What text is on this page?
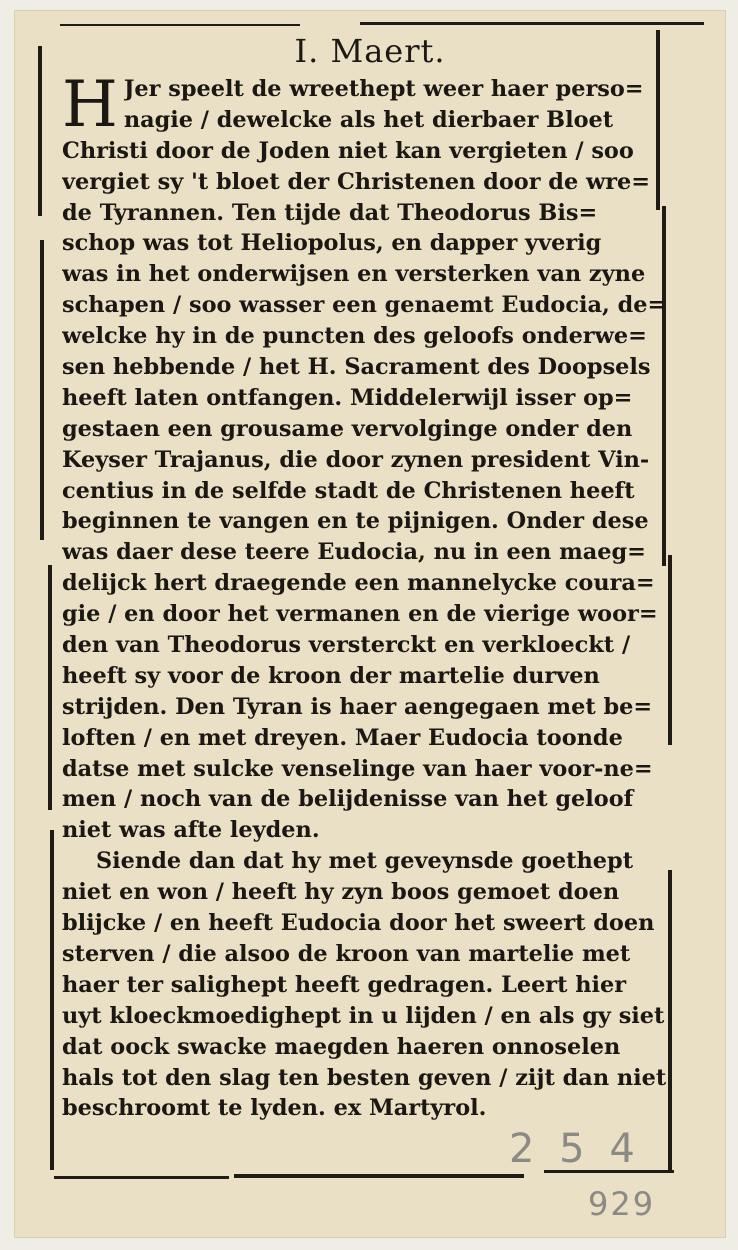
I. Maert.
H Jer speelt de wreethept weer haer perso=
nagie / dewelcke als het dierbaer Bloet
Christi door de Joden niet kan vergieten / soo
vergiet sy 't bloet der Christenen door de wre=
de Tyrannen. Ten tijde dat Theodorus Bis=
schop was tot Heliopolus, en dapper yverig
was in het onderwijsen en versterken van zyne
schapen / soo wasser een genaemt Eudocia, de=
welcke hy in de puncten des geloofs onderwe=
sen hebbende / het H. Sacrament des Doopsels
heeft laten ontfangen. Middelerwijl isser op=
gestaen een grousame vervolginge onder den
Keyser Trajanus, die door zynen president Vin-
centius in de selfde stadt de Christenen heeft
beginnen te vangen en te pijnigen. Onder dese
was daer dese teere Eudocia, nu in een maeg=
delijck hert draegende een mannelycke coura=
gie / en door het vermanen en de vierige woor=
den van Theodorus versterckt en verkloeckt /
heeft sy voor de kroon der martelie durven
strijden. Den Tyran is haer aengegaen met be=
loften / en met dreyen. Maer Eudocia toonde
datse met sulcke venselinge van haer voor-ne=
men / noch van de belijdenisse van het geloof
niet was afte leyden.
Siende dan dat hy met geveynsde goethept
niet en won / heeft hy zyn boos gemoet doen
blijcke / en heeft Eudocia door het sweert doen
sterven / die alsoo de kroon van martelie met
haer ter salighept heeft gedragen. Leert hier
uyt kloeckmoedighept in u lijden / en als gy siet
dat oock swacke maegden haeren onnoselen
hals tot den slag ten besten geven / zijt dan niet
beschroomt te lyden. ex Martyrol.
2 5 4
929
